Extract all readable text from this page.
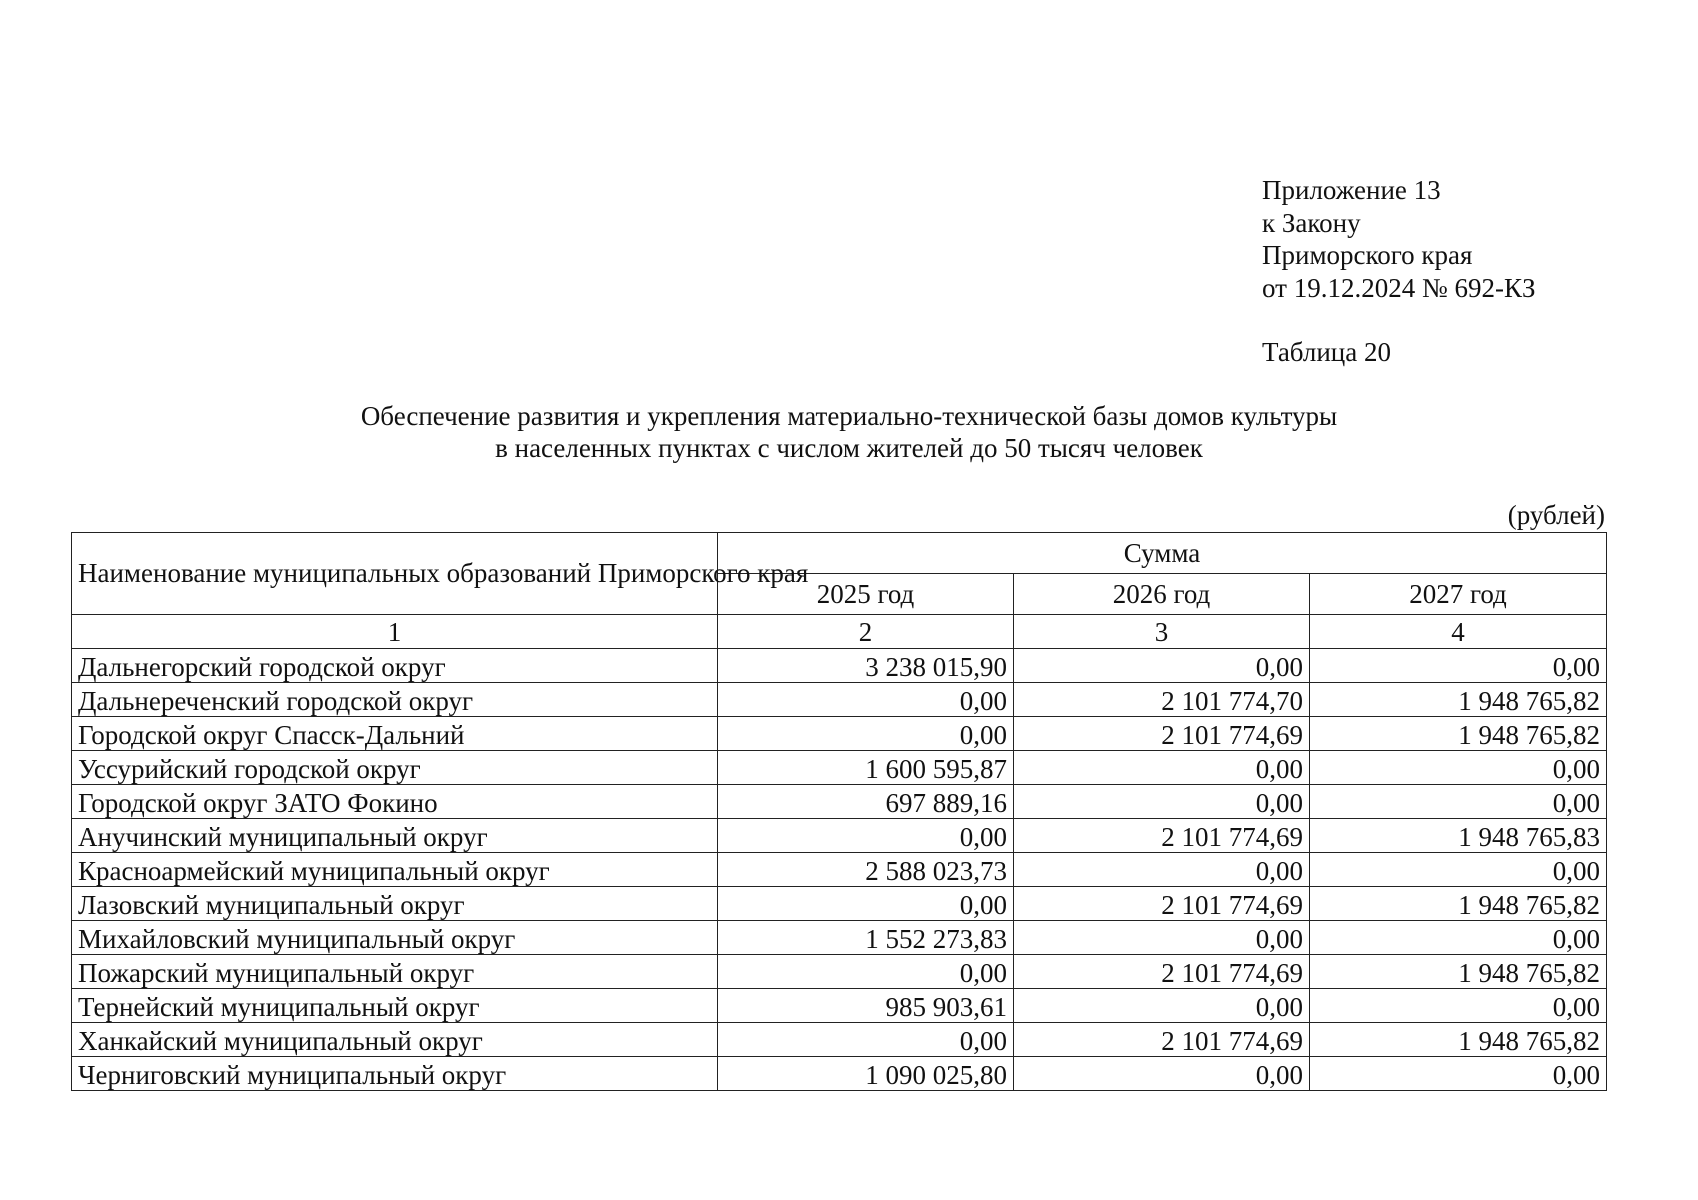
Приложение 13
к Закону
Приморского края
от 19.12.2024 № 692-КЗ
Таблица 20
Обеспечение развития и укрепления материально-технической базы домов культуры
в населенных пунктах с числом жителей до 50 тысяч человек
(рублей)
Наименование муниципальных образований Приморского края	Сумма		
	2025 год	2026 год	2027 год
1	2	3	4
Дальнегорский городской округ	3 238 015,90	0,00	0,00
Дальнереченский городской округ	0,00	2 101 774,70	1 948 765,82
Городской округ Спасск-Дальний	0,00	2 101 774,69	1 948 765,82
Уссурийский городской округ	1 600 595,87	0,00	0,00
Городской округ ЗАТО Фокино	697 889,16	0,00	0,00
Анучинский муниципальный округ	0,00	2 101 774,69	1 948 765,83
Красноармейский муниципальный округ	2 588 023,73	0,00	0,00
Лазовский муниципальный округ	0,00	2 101 774,69	1 948 765,82
Михайловский муниципальный округ	1 552 273,83	0,00	0,00
Пожарский муниципальный округ	0,00	2 101 774,69	1 948 765,82
Тернейский муниципальный округ	985 903,61	0,00	0,00
Ханкайский муниципальный округ	0,00	2 101 774,69	1 948 765,82
Черниговский муниципальный округ	1 090 025,80	0,00	0,00
